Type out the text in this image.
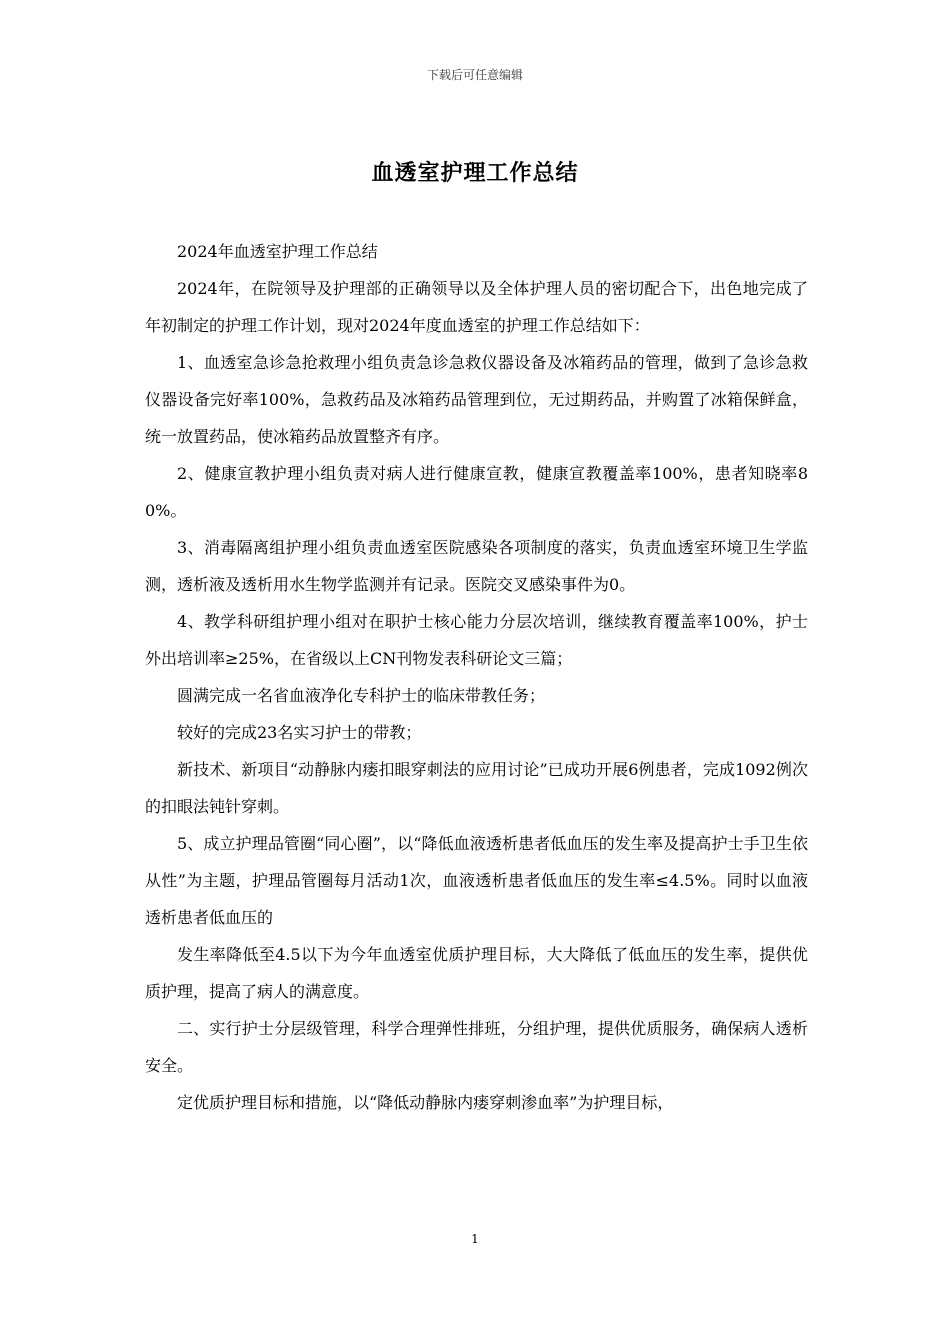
下载后可任意编辑
血透室护理工作总结

2024年血透室护理工作总结

2024年，在院领导及护理部的正确领导以及全体护理人员的密切配合下，出色地完成了年初制定的护理工作计划，现对2024年度血透室的护理工作总结如下：

1、血透室急诊急抢救理小组负责急诊急救仪器设备及冰箱药品的管理，做到了急诊急救仪器设备完好率100%，急救药品及冰箱药品管理到位，无过期药品，并购置了冰箱保鲜盒，统一放置药品，使冰箱药品放置整齐有序。

2、健康宣教护理小组负责对病人进行健康宣教，健康宣教覆盖率100%，患者知晓率80%。

3、消毒隔离组护理小组负责血透室医院感染各项制度的落实，负责血透室环境卫生学监测，透析液及透析用水生物学监测并有记录。医院交叉感染事件为0。

4、教学科研组护理小组对在职护士核心能力分层次培训，继续教育覆盖率100%，护士外出培训率≥25%，在省级以上CN刊物发表科研论文三篇；

圆满完成一名省血液净化专科护士的临床带教任务；

较好的完成23名实习护士的带教；

新技术、新项目“动静脉内瘘扣眼穿刺法的应用讨论”已成功开展6例患者，完成1092例次的扣眼法钝针穿刺。

5、成立护理品管圈“同心圈”，以“降低血液透析患者低血压的发生率及提高护士手卫生依从性”为主题，护理品管圈每月活动1次，血液透析患者低血压的发生率≤4.5%。同时以血液透析患者低血压的

发生率降低至4.5以下为今年血透室优质护理目标，大大降低了低血压的发生率，提供优质护理，提高了病人的满意度。

二、实行护士分层级管理，科学合理弹性排班，分组护理，提供优质服务，确保病人透析安全。

定优质护理目标和措施，以“降低动静脉内瘘穿刺渗血率”为护理目标，

1
